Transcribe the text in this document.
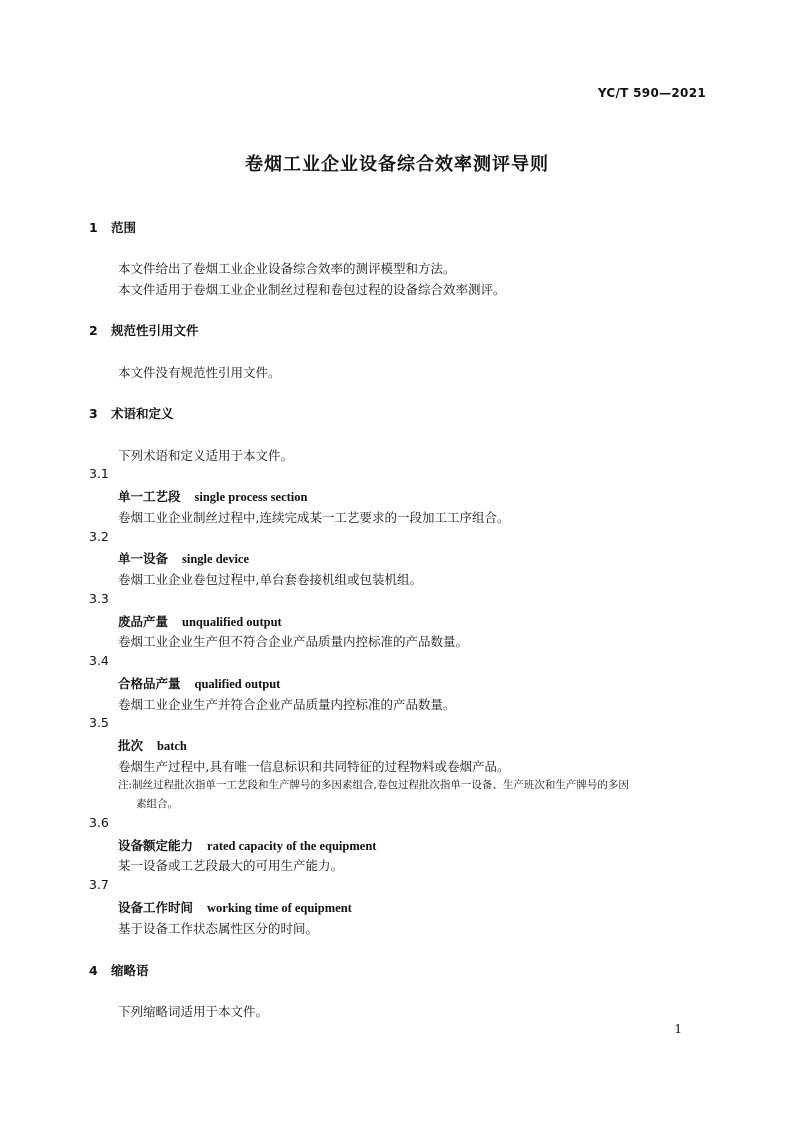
YC/T 590—2021
卷烟工业企业设备综合效率测评导则
1 范围
本文件给出了卷烟工业企业设备综合效率的测评模型和方法。
本文件适用于卷烟工业企业制丝过程和卷包过程的设备综合效率测评。
2 规范性引用文件
本文件没有规范性引用文件。
3 术语和定义
下列术语和定义适用于本文件。
3.1
单一工艺段 single process section
卷烟工业企业制丝过程中,连续完成某一工艺要求的一段加工工序组合。
3.2
单一设备 single device
卷烟工业企业卷包过程中,单台套卷接机组或包装机组。
3.3
废品产量 unqualified output
卷烟工业企业生产但不符合企业产品质量内控标准的产品数量。
3.4
合格品产量 qualified output
卷烟工业企业生产并符合企业产品质量内控标准的产品数量。
3.5
批次 batch
卷烟生产过程中,具有唯一信息标识和共同特征的过程物料或卷烟产品。
注:制丝过程批次指单一工艺段和生产牌号的多因素组合,卷包过程批次指单一设备、生产班次和生产牌号的多因
素组合。
3.6
设备额定能力 rated capacity of the equipment
某一设备或工艺段最大的可用生产能力。
3.7
设备工作时间 working time of equipment
基于设备工作状态属性区分的时间。
4 缩略语
下列缩略词适用于本文件。
1
